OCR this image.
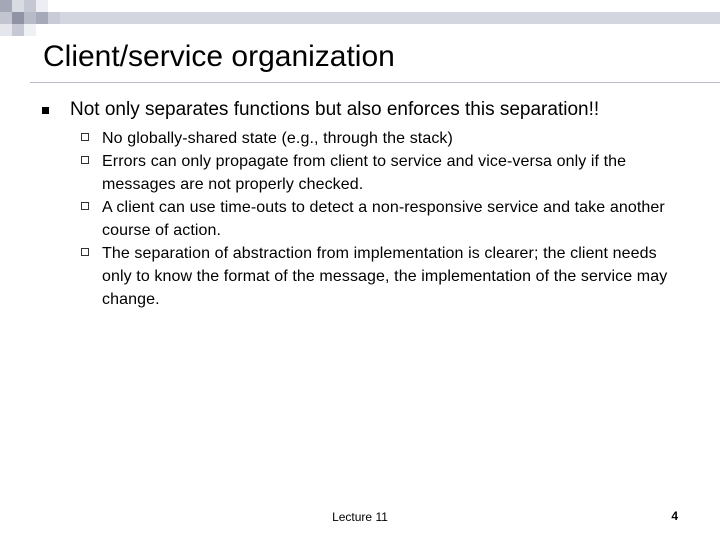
Client/service organization
Not only separates functions but also enforces this separation!!
No globally-shared state (e.g., through the stack)
Errors can only propagate from client to service and vice-versa only if the messages are not properly checked.
A client can use time-outs to detect a non-responsive service and take another course of action.
The separation of abstraction from implementation is clearer; the client needs only to know the format of the message, the implementation of the service may change.
Lecture 11	4
